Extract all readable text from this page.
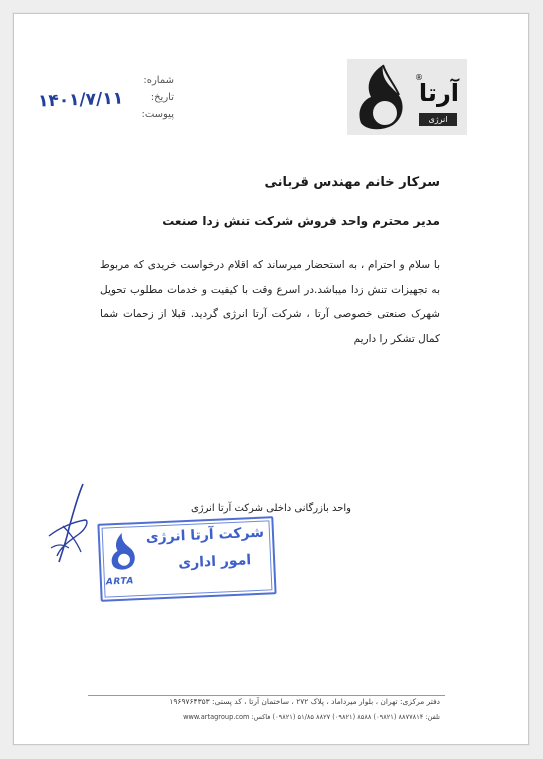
®
آرتا
انرژی
شماره:
تاریخ:
پیوست:
۱۴۰۱/۷/۱۱
سرکار خانم مهندس قربانی
مدیر محترم واحد فروش شرکت تنش زدا صنعت

با سلام و احترام ، به استحضار میرساند که اقلام درخواست خریدی که مربوط به تجهیزات تنش زدا میباشد.در اسرع وقت با کیفیت و خدمات مطلوب تحویل شهرک صنعتی خصوصی آرتا ، شرکت آرتا انرژی گردید. قبلا از زحمات شما کمال تشکر را داریم

واحد بازرگانی داخلی شرکت آرتا انرژی
ARTA
شرکت آرتا انرژی
امور اداری
دفتر مرکزی: تهران ، بلوار میرداماد ، پلاک ۲۷۲ ، ساختمان آرتا ، کد پستی: ۱۹۶۹۷۶۴۳۵۳
تلفن: ۸۸۷۷۸۱۴ (۰۹۸۲۱) ۸۵۸۸ (۰۹۸۲۱) ۸۸۲۷ ۵۱/۸۵ (۰۹۸۲۱) فاکس: www.artagroup.com
